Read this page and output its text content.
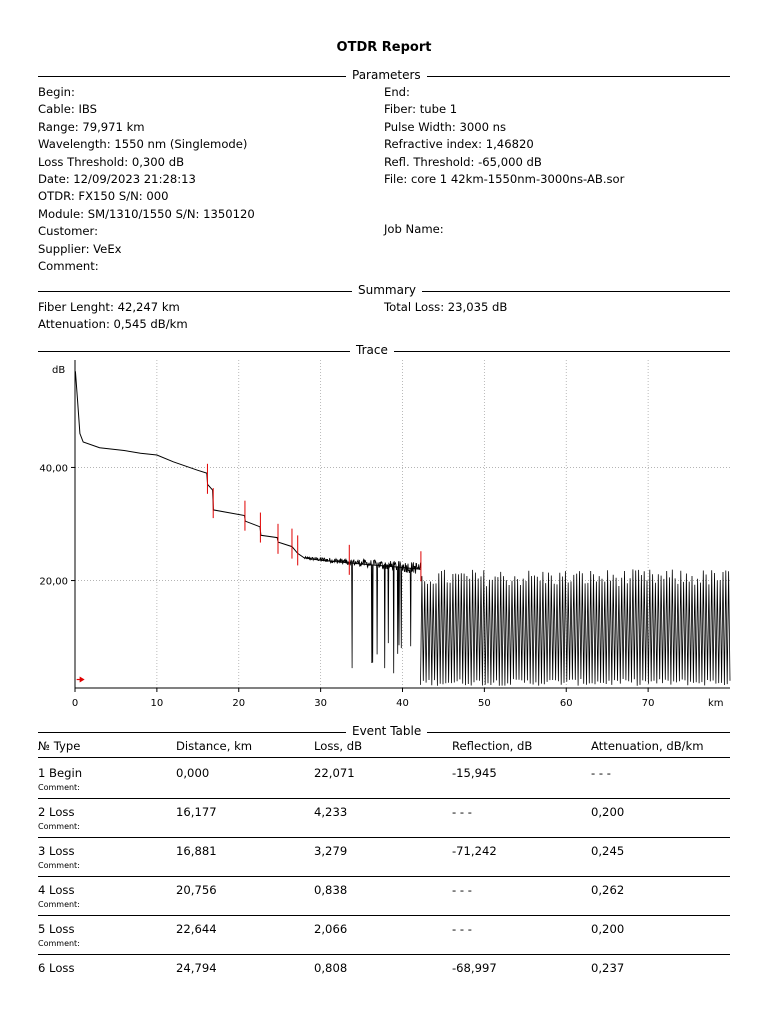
OTDR Report
Parameters
Begin:
Cable: IBS
Range: 79,971 km
Wavelength: 1550 nm (Singlemode)
Loss Threshold: 0,300 dB
Date: 12/09/2023 21:28:13
OTDR: FX150 S/N: 000
Module: SM/1310/1550 S/N: 1350120
Customer:
Supplier: VeEx
Comment:
End:
Fiber: tube 1
Pulse Width: 3000 ns
Refractive index: 1,46820
Refl. Threshold: -65,000 dB
File: core 1 42km-1550nm-3000ns-AB.sor
Job Name:
Summary
Fiber Lenght: 42,247 km
Attenuation: 0,545 dB/km
Total Loss: 23,035 dB
Trace
0	10	20	30	40	50	60	70
20,00
40,00
dB
km
Event Table
№ Type	Distance, km	Loss, dB	Reflection, dB	Attenuation, dB/km
1 Begin	0,000	22,071	-15,945	- - -
Comment:
2 Loss	16,177	4,233	- - -	0,200
Comment:
3 Loss	16,881	3,279	-71,242	0,245
Comment:
4 Loss	20,756	0,838	- - -	0,262
Comment:
5 Loss	22,644	2,066	- - -	0,200
Comment:
6 Loss	24,794	0,808	-68,997	0,237
